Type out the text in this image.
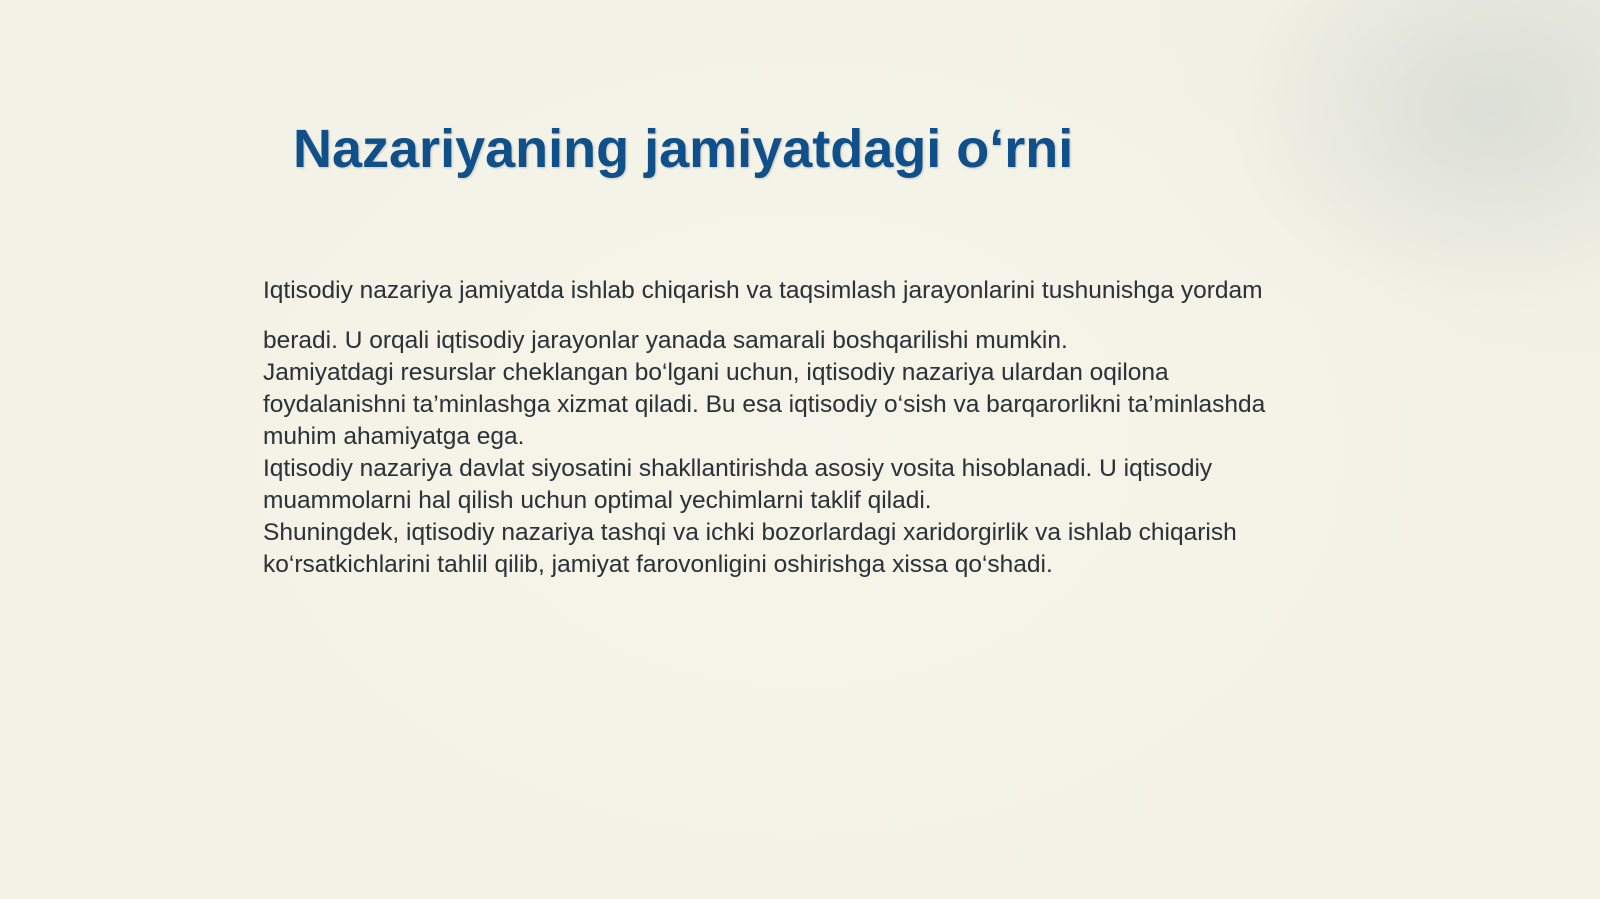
Nazariyaning jamiyatdagi o‘rni

Iqtisodiy nazariya jamiyatda ishlab chiqarish va taqsimlash jarayonlarini tushunishga yordam

beradi. U orqali iqtisodiy jarayonlar yanada samarali boshqarilishi mumkin.

Jamiyatdagi resurslar cheklangan bo‘lgani uchun, iqtisodiy nazariya ulardan oqilona

foydalanishni ta’minlashga xizmat qiladi. Bu esa iqtisodiy o‘sish va barqarorlikni ta’minlashda

muhim ahamiyatga ega.

Iqtisodiy nazariya davlat siyosatini shakllantirishda asosiy vosita hisoblanadi. U iqtisodiy

muammolarni hal qilish uchun optimal yechimlarni taklif qiladi.

Shuningdek, iqtisodiy nazariya tashqi va ichki bozorlardagi xaridorgirlik va ishlab chiqarish

ko‘rsatkichlarini tahlil qilib, jamiyat farovonligini oshirishga xissa qo‘shadi.
